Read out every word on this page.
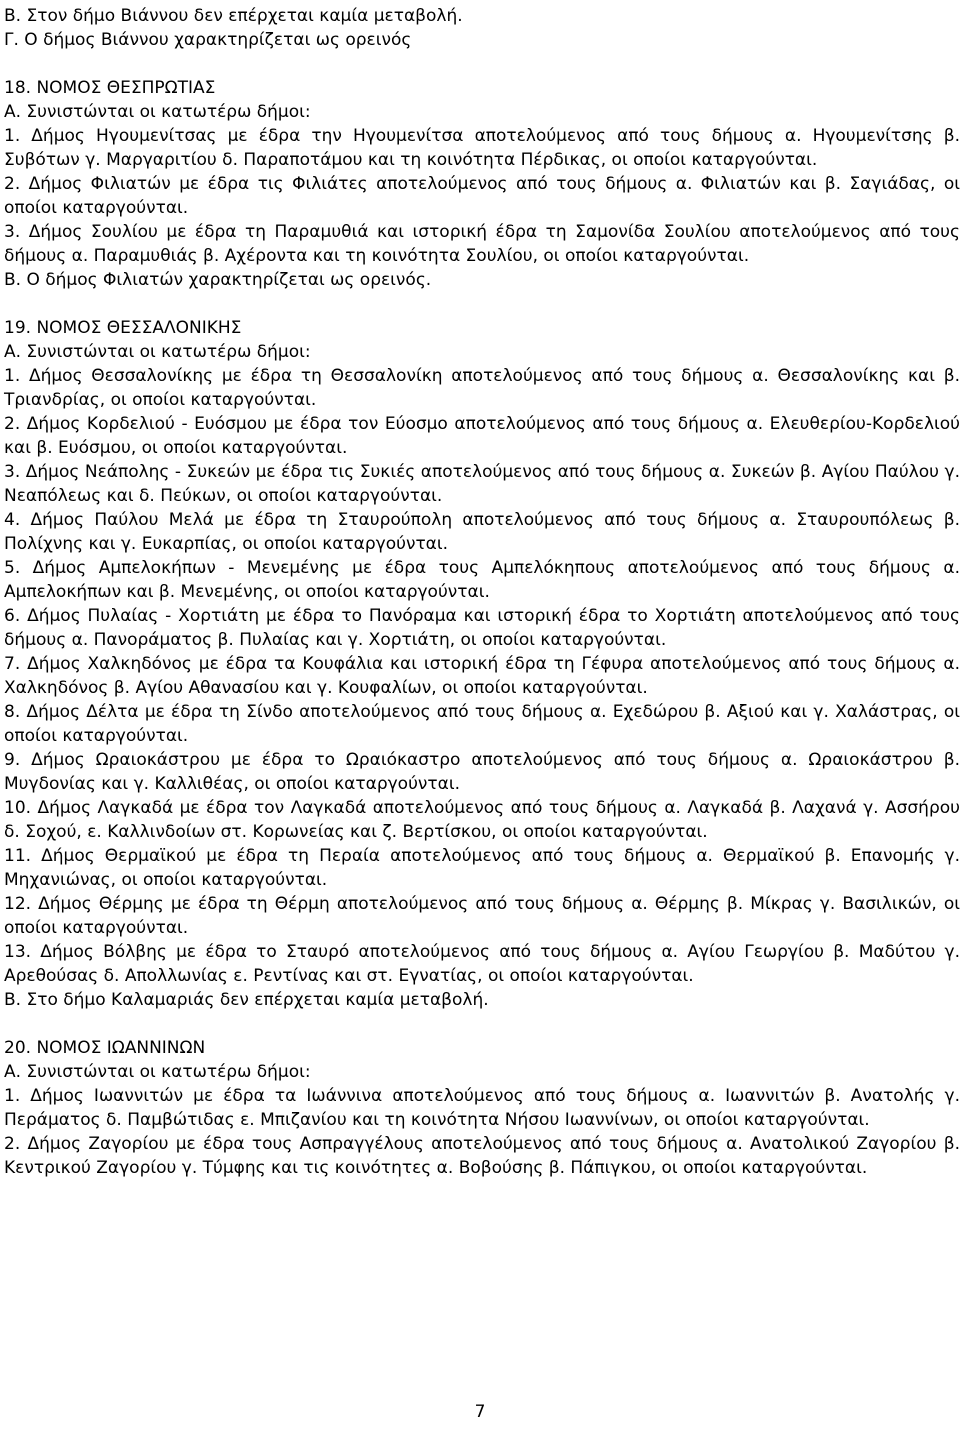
Β. Στον δήμο Βιάννου δεν επέρχεται καμία μεταβολή.

Γ. Ο δήμος Βιάννου χαρακτηρίζεται ως ορεινός

18. ΝΟΜΟΣ ΘΕΣΠΡΩΤΙΑΣ

Α. Συνιστώνται οι κατωτέρω δήμοι:

1. Δήμος Ηγουμενίτσας με έδρα την Ηγουμενίτσα αποτελούμενος από τους δήμους α. Ηγουμενίτσης β. Συβότων γ. Μαργαριτίου δ. Παραποτάμου και τη κοινότητα Πέρδικας, οι οποίοι καταργούνται.

2. Δήμος Φιλιατών με έδρα τις Φιλιάτες αποτελούμενος από τους δήμους α. Φιλιατών και β. Σαγιάδας, οι οποίοι καταργούνται.

3. Δήμος Σουλίου με έδρα τη Παραμυθιά και ιστορική έδρα τη Σαμονίδα Σουλίου αποτελούμενος από τους δήμους α. Παραμυθιάς β. Αχέροντα και τη κοινότητα Σουλίου, οι οποίοι καταργούνται.

Β. Ο δήμος Φιλιατών χαρακτηρίζεται ως ορεινός.

19. ΝΟΜΟΣ ΘΕΣΣΑΛΟΝΙΚΗΣ

Α. Συνιστώνται οι κατωτέρω δήμοι:

1. Δήμος Θεσσαλονίκης με έδρα τη Θεσσαλονίκη αποτελούμενος από τους δήμους α. Θεσσαλονίκης και β. Τριανδρίας, οι οποίοι καταργούνται.

2. Δήμος Κορδελιού - Ευόσμου με έδρα τον Εύοσμο αποτελούμενος από τους δήμους α. Ελευθερίου-Κορδελιού και β. Ευόσμου, οι οποίοι καταργούνται.

3. Δήμος Νεάπολης - Συκεών με έδρα τις Συκιές αποτελούμενος από τους δήμους α. Συκεών β. Αγίου Παύλου γ. Νεαπόλεως και δ. Πεύκων, οι οποίοι καταργούνται.

4. Δήμος Παύλου Μελά με έδρα τη Σταυρούπολη αποτελούμενος από τους δήμους α. Σταυρουπόλεως β. Πολίχνης και γ. Ευκαρπίας, οι οποίοι καταργούνται.

5. Δήμος Αμπελοκήπων - Μενεμένης με έδρα τους Αμπελόκηπους αποτελούμενος από τους δήμους α. Αμπελοκήπων και β. Μενεμένης, οι οποίοι καταργούνται.

6. Δήμος Πυλαίας - Χορτιάτη με έδρα το Πανόραμα και ιστορική έδρα το Χορτιάτη αποτελούμενος από τους δήμους α. Πανοράματος β. Πυλαίας και γ. Χορτιάτη, οι οποίοι καταργούνται.

7. Δήμος Χαλκηδόνος με έδρα τα Κουφάλια και ιστορική έδρα τη Γέφυρα αποτελούμενος από τους δήμους α. Χαλκηδόνος β. Αγίου Αθανασίου και γ. Κουφαλίων, οι οποίοι καταργούνται.

8. Δήμος Δέλτα με έδρα τη Σίνδο αποτελούμενος από τους δήμους α. Εχεδώρου β. Αξιού και γ. Χαλάστρας, οι οποίοι καταργούνται.

9. Δήμος Ωραιοκάστρου με έδρα το Ωραιόκαστρο αποτελούμενος από τους δήμους α. Ωραιοκάστρου β. Μυγδονίας και γ. Καλλιθέας, οι οποίοι καταργούνται.

10. Δήμος Λαγκαδά με έδρα τον Λαγκαδά αποτελούμενος από τους δήμους α. Λαγκαδά β. Λαχανά γ. Ασσήρου δ. Σοχού, ε. Καλλινδοίων στ. Κορωνείας και ζ. Βερτίσκου, οι οποίοι καταργούνται.

11. Δήμος Θερμαϊκού με έδρα τη Περαία αποτελούμενος από τους δήμους α. Θερμαϊκού β. Επανομής γ. Μηχανιώνας, οι οποίοι καταργούνται.

12. Δήμος Θέρμης με έδρα τη Θέρμη αποτελούμενος από τους δήμους α. Θέρμης β. Μίκρας γ. Βασιλικών, οι οποίοι καταργούνται.

13. Δήμος Βόλβης με έδρα το Σταυρό αποτελούμενος από τους δήμους α. Αγίου Γεωργίου β. Μαδύτου γ. Αρεθούσας δ. Απολλωνίας ε. Ρεντίνας και στ. Εγνατίας, οι οποίοι καταργούνται.

Β. Στο δήμο Καλαμαριάς δεν επέρχεται καμία μεταβολή.

20. ΝΟΜΟΣ ΙΩΑΝΝΙΝΩΝ

Α. Συνιστώνται οι κατωτέρω δήμοι:

1. Δήμος Ιωαννιτών με έδρα τα Ιωάννινα αποτελούμενος από τους δήμους α. Ιωαννιτών β. Ανατολής γ. Περάματος δ. Παμβώτιδας ε. Μπιζανίου και τη κοινότητα Νήσου Ιωαννίνων, οι οποίοι καταργούνται.

2. Δήμος Ζαγορίου με έδρα τους Ασπραγγέλους αποτελούμενος από τους δήμους α. Ανατολικού Ζαγορίου β. Κεντρικού Ζαγορίου γ. Τύμφης και τις κοινότητες α. Βοβούσης β. Πάπιγκου, οι οποίοι καταργούνται.

7
